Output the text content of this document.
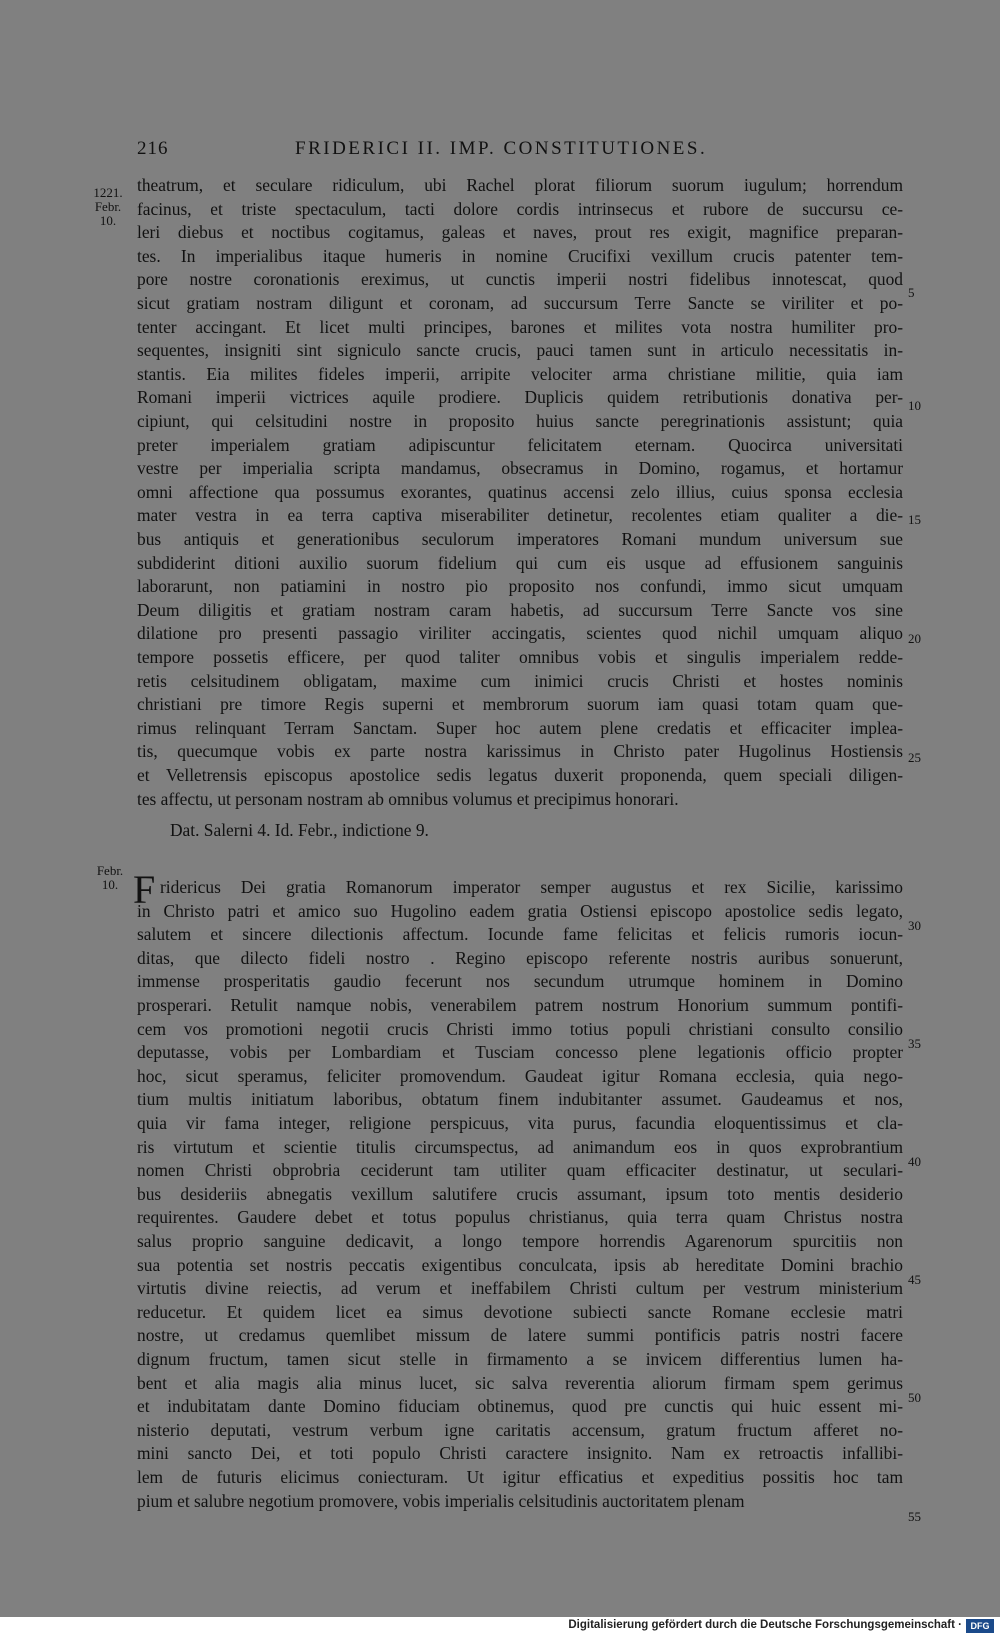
216	FRIDERICI II. IMP. CONSTITUTIONES.
1221.
Febr.
10.
theatrum, et seculare ridiculum, ubi Rachel plorat filiorum suorum iugulum; horrendum
facinus, et triste spectaculum, tacti dolore cordis intrinsecus et rubore de succursu ce-
leri diebus et noctibus cogitamus, galeas et naves, prout res exigit, magnifice preparan-
tes. In imperialibus itaque humeris in nomine Crucifixi vexillum crucis patenter tem-
pore nostre coronationis ereximus, ut cunctis imperii nostri fidelibus innotescat, quod
sicut gratiam nostram diligunt et coronam, ad succursum Terre Sancte se viriliter et po-
tenter accingant. Et licet multi principes, barones et milites vota nostra humiliter pro-
sequentes, insigniti sint signiculo sancte crucis, pauci tamen sunt in articulo necessitatis in-
stantis. Eia milites fideles imperii, arripite velociter arma christiane militie, quia iam
Romani imperii victrices aquile prodiere. Duplicis quidem retributionis donativa per-
cipiunt, qui celsitudini nostre in proposito huius sancte peregrinationis assistunt; quia
preter imperialem gratiam adipiscuntur felicitatem eternam. Quocirca universitati
vestre per imperialia scripta mandamus, obsecramus in Domino, rogamus, et hortamur
omni affectione qua possumus exorantes, quatinus accensi zelo illius, cuius sponsa ecclesia
mater vestra in ea terra captiva miserabiliter detinetur, recolentes etiam qualiter a die-
bus antiquis et generationibus seculorum imperatores Romani mundum universum sue
subdiderint ditioni auxilio suorum fidelium qui cum eis usque ad effusionem sanguinis
laborarunt, non patiamini in nostro pio proposito nos confundi, immo sicut umquam
Deum diligitis et gratiam nostram caram habetis, ad succursum Terre Sancte vos sine
dilatione pro presenti passagio viriliter accingatis, scientes quod nichil umquam aliquo
tempore possetis efficere, per quod taliter omnibus vobis et singulis imperialem redde-
retis celsitudinem obligatam, maxime cum inimici crucis Christi et hostes nominis
christiani pre timore Regis superni et membrorum suorum iam quasi totam quam que-
rimus relinquant Terram Sanctam. Super hoc autem plene credatis et efficaciter implea-
tis, quecumque vobis ex parte nostra karissimus in Christo pater Hugolinus Hostiensis
et Velletrensis episcopus apostolice sedis legatus duxerit proponenda, quem speciali diligen-
tes affectu, ut personam nostram ab omnibus volumus et precipimus honorari.
Dat. Salerni 4. Id. Febr., indictione 9.
Febr.
10. F ridericus Dei gratia Romanorum imperator semper augustus et rex Sicilie, karissimo
in Christo patri et amico suo Hugolino eadem gratia Ostiensi episcopo apostolice sedis legato,
salutem et sincere dilectionis affectum. Iocunde fame felicitas et felicis rumoris iocun-
ditas, que dilecto fideli nostro . Regino episcopo referente nostris auribus sonuerunt,
immense prosperitatis gaudio fecerunt nos secundum utrumque hominem in Domino
prosperari. Retulit namque nobis, venerabilem patrem nostrum Honorium summum pontifi-
cem vos promotioni negotii crucis Christi immo totius populi christiani consulto consilio
deputasse, vobis per Lombardiam et Tusciam concesso plene legationis officio propter
hoc, sicut speramus, feliciter promovendum. Gaudeat igitur Romana ecclesia, quia nego-
tium multis initiatum laboribus, obtatum finem indubitanter assumet. Gaudeamus et nos,
quia vir fama integer, religione perspicuus, vita purus, facundia eloquentissimus et cla-
ris virtutum et scientie titulis circumspectus, ad animandum eos in quos exprobrantium
nomen Christi obprobria ceciderunt tam utiliter quam efficaciter destinatur, ut seculari-
bus desideriis abnegatis vexillum salutifere crucis assumant, ipsum toto mentis desiderio
requirentes. Gaudere debet et totus populus christianus, quia terra quam Christus nostra
salus proprio sanguine dedicavit, a longo tempore horrendis Agarenorum spurcitiis non
sua potentia set nostris peccatis exigentibus conculcata, ipsis ab hereditate Domini brachio
virtutis divine reiectis, ad verum et ineffabilem Christi cultum per vestrum ministerium
reducetur. Et quidem licet ea simus devotione subiecti sancte Romane ecclesie matri
nostre, ut credamus quemlibet missum de latere summi pontificis patris nostri facere
dignum fructum, tamen sicut stelle in firmamento a se invicem differentius lumen ha-
bent et alia magis alia minus lucet, sic salva reverentia aliorum firmam spem gerimus
et indubitatam dante Domino fiduciam obtinemus, quod pre cunctis qui huic essent mi-
nisterio deputati, vestrum verbum igne caritatis accensum, gratum fructum afferet no-
mini sancto Dei, et toti populo Christi caractere insignito. Nam ex retroactis infallibi-
lem de futuris elicimus coniecturam. Ut igitur efficatius et expeditius possitis hoc tam
pium et salubre negotium promovere, vobis imperialis celsitudinis auctoritatem plenam
5
10
15
20
25
30
35
40
45
50
55
Digitalisierung gefördert durch die Deutsche Forschungsgemeinschaft · DFG
